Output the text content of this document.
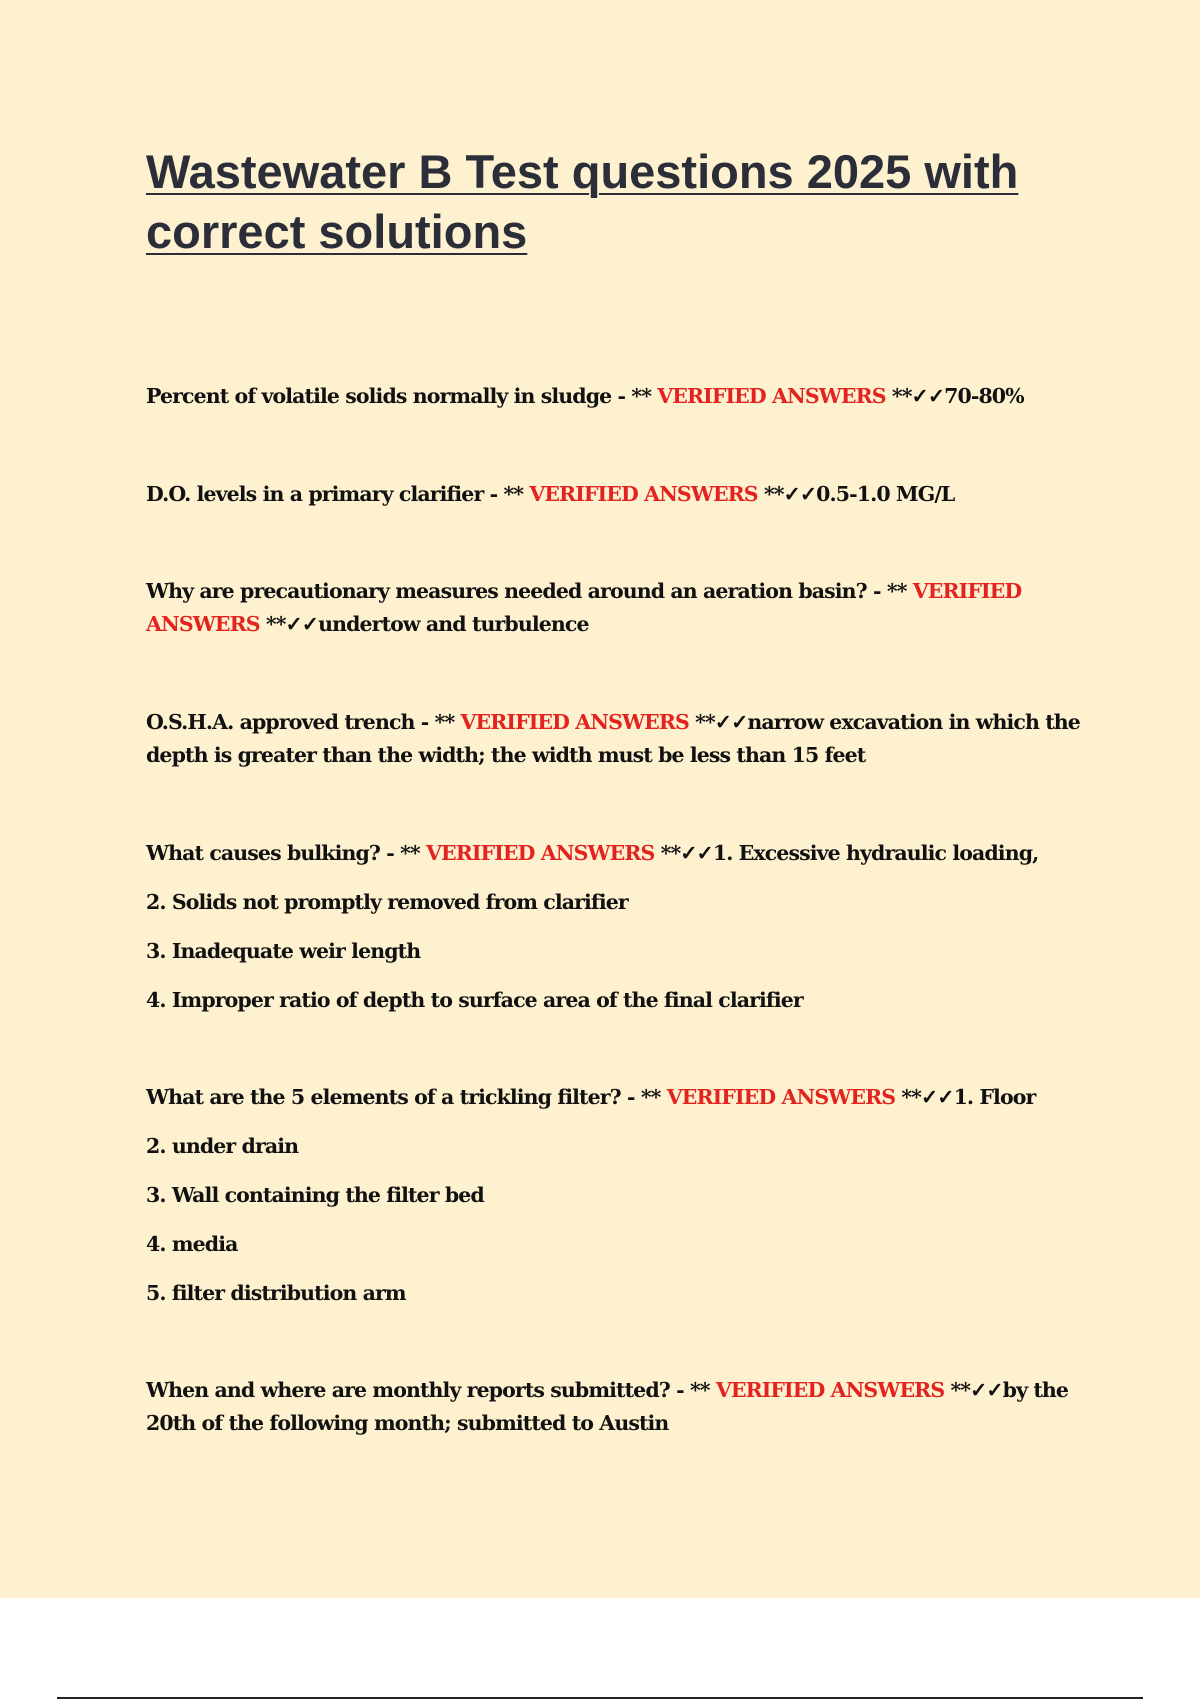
Wastewater B Test questions 2025 with correct solutions

Percent of volatile solids normally in sludge - ** VERIFIED ANSWERS **✓✓70-80%

D.O. levels in a primary clarifier - ** VERIFIED ANSWERS **✓✓0.5-1.0 MG/L

Why are precautionary measures needed around an aeration basin? - ** VERIFIED ANSWERS **✓✓undertow and turbulence

O.S.H.A. approved trench - ** VERIFIED ANSWERS **✓✓narrow excavation in which the depth is greater than the width; the width must be less than 15 feet

What causes bulking? - ** VERIFIED ANSWERS **✓✓1. Excessive hydraulic loading,

2. Solids not promptly removed from clarifier

3. Inadequate weir length

4. Improper ratio of depth to surface area of the final clarifier

What are the 5 elements of a trickling filter? - ** VERIFIED ANSWERS **✓✓1. Floor

2. under drain

3. Wall containing the filter bed

4. media

5. filter distribution arm

When and where are monthly reports submitted? - ** VERIFIED ANSWERS **✓✓by the 20th of the following month; submitted to Austin
